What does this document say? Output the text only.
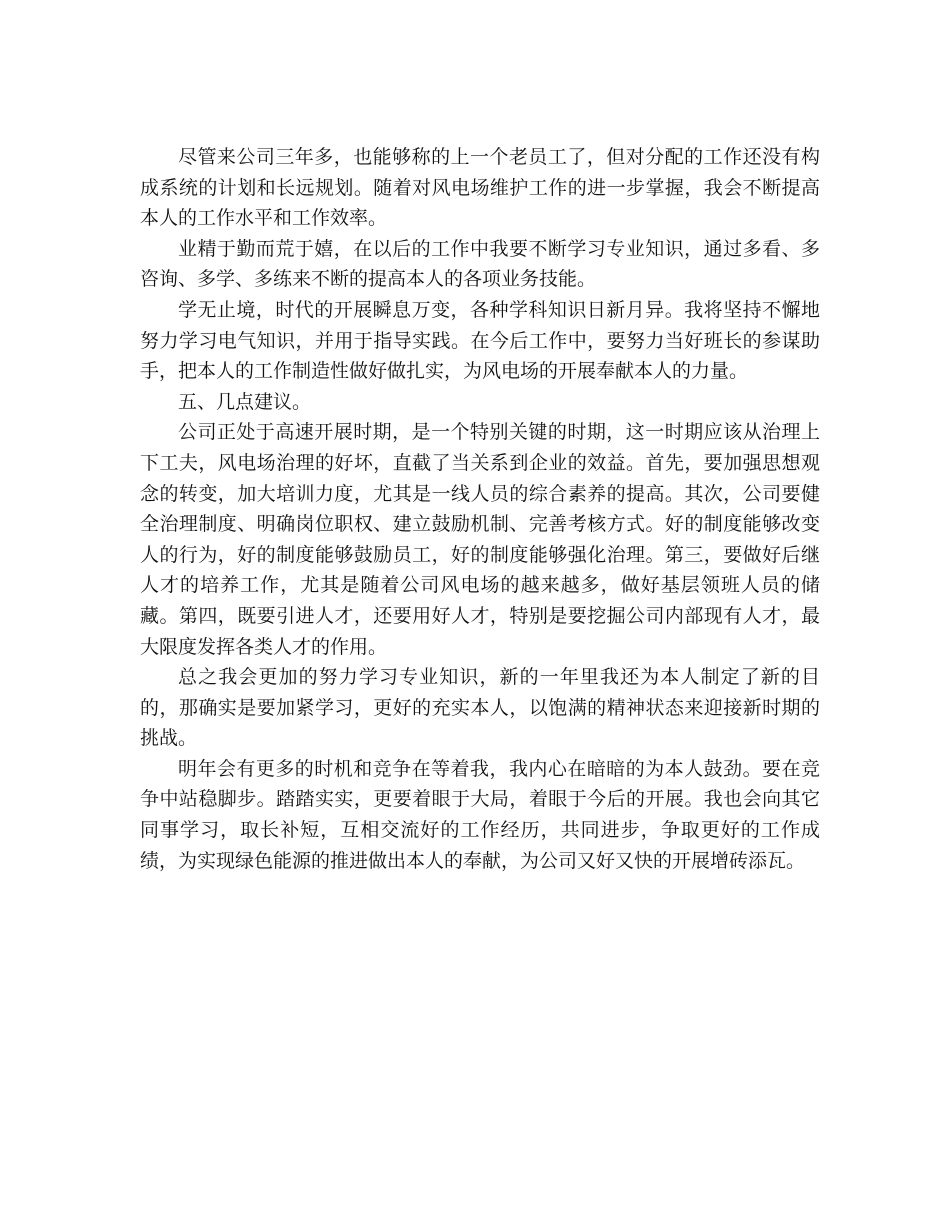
尽管来公司三年多，也能够称的上一个老员工了，但对分配的工作还没有构成系统的计划和长远规划。随着对风电场维护工作的进一步掌握，我会不断提高本人的工作水平和工作效率。

业精于勤而荒于嬉，在以后的工作中我要不断学习专业知识，通过多看、多咨询、多学、多练来不断的提高本人的各项业务技能。

学无止境，时代的开展瞬息万变，各种学科知识日新月异。我将坚持不懈地努力学习电气知识，并用于指导实践。在今后工作中，要努力当好班长的参谋助手，把本人的工作制造性做好做扎实，为风电场的开展奉献本人的力量。

五、几点建议。

公司正处于高速开展时期，是一个特别关键的时期，这一时期应该从治理上下工夫，风电场治理的好坏，直截了当关系到企业的效益。首先，要加强思想观念的转变，加大培训力度，尤其是一线人员的综合素养的提高。其次，公司要健全治理制度、明确岗位职权、建立鼓励机制、完善考核方式。好的制度能够改变人的行为，好的制度能够鼓励员工，好的制度能够强化治理。第三，要做好后继人才的培养工作，尤其是随着公司风电场的越来越多，做好基层领班人员的储藏。第四，既要引进人才，还要用好人才，特别是要挖掘公司内部现有人才，最大限度发挥各类人才的作用。

总之我会更加的努力学习专业知识，新的一年里我还为本人制定了新的目的，那确实是要加紧学习，更好的充实本人，以饱满的精神状态来迎接新时期的挑战。

明年会有更多的时机和竞争在等着我，我内心在暗暗的为本人鼓劲。要在竞争中站稳脚步。踏踏实实，更要着眼于大局，着眼于今后的开展。我也会向其它同事学习，取长补短，互相交流好的工作经历，共同进步，争取更好的工作成绩，为实现绿色能源的推进做出本人的奉献，为公司又好又快的开展增砖添瓦。
